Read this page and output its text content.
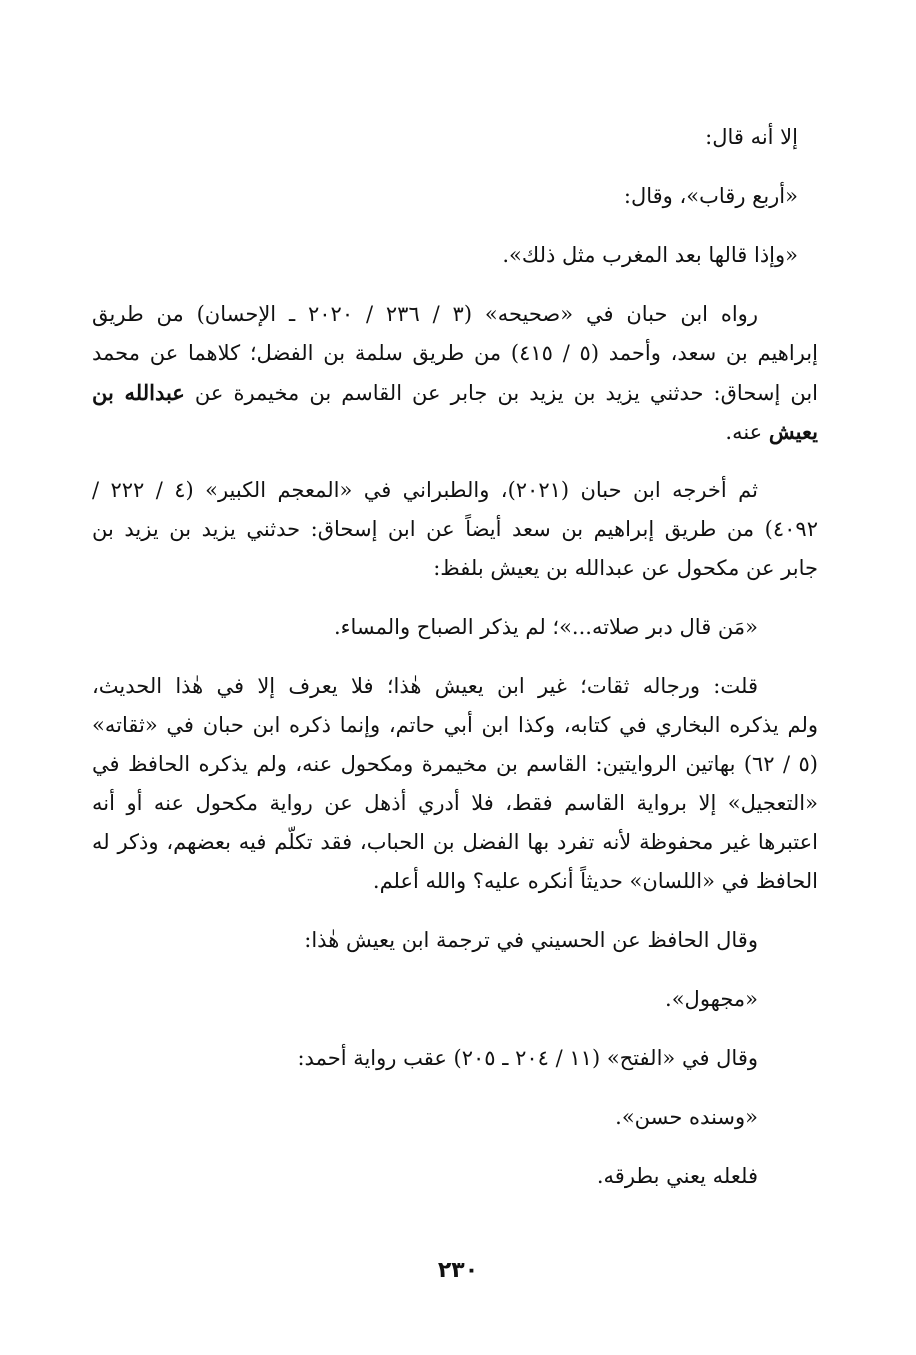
إلا أنه قال:
«أربع رقاب»، وقال:
«وإذا قالها بعد المغرب مثل ذلك».
رواه ابن حبان في «صحيحه» (٣ / ٢٣٦ / ٢٠٢٠ ـ الإحسان) من طريق
إبراهيم بن سعد، وأحمد (٥ / ٤١٥) من طريق سلمة بن الفضل؛ كلاهما عن محمد
ابن إسحاق: حدثني يزيد بن يزيد بن جابر عن القاسم بن مخيمرة عن عبدالله بن
يعيش عنه.
ثم أخرجه ابن حبان (٢٠٢١)، والطبراني في «المعجم الكبير» (٤ / ٢٢٢ /
٤٠٩٢) من طريق إبراهيم بن سعد أيضاً عن ابن إسحاق: حدثني يزيد بن يزيد بن
جابر عن مكحول عن عبدالله بن يعيش بلفظ:
«مَن قال دبر صلاته...»؛ لم يذكر الصباح والمساء.
قلت: ورجاله ثقات؛ غير ابن يعيش هٰذا؛ فلا يعرف إلا في هٰذا الحديث،
ولم يذكره البخاري في كتابه، وكذا ابن أبي حاتم، وإنما ذكره ابن حبان في «ثقاته»
(٥ / ٦٢) بهاتين الروايتين: القاسم بن مخيمرة ومكحول عنه، ولم يذكره الحافظ في
«التعجيل» إلا برواية القاسم فقط، فلا أدري أذهل عن رواية مكحول عنه أو أنه
اعتبرها غير محفوظة لأنه تفرد بها الفضل بن الحباب، فقد تكلّم فيه بعضهم، وذكر له
الحافظ في «اللسان» حديثاً أنكره عليه؟ والله أعلم.
وقال الحافظ عن الحسيني في ترجمة ابن يعيش هٰذا:
«مجهول».
وقال في «الفتح» (١١ / ٢٠٤ ـ ٢٠٥) عقب رواية أحمد:
«وسنده حسن».
فلعله يعني بطرقه.
٢٣٠
